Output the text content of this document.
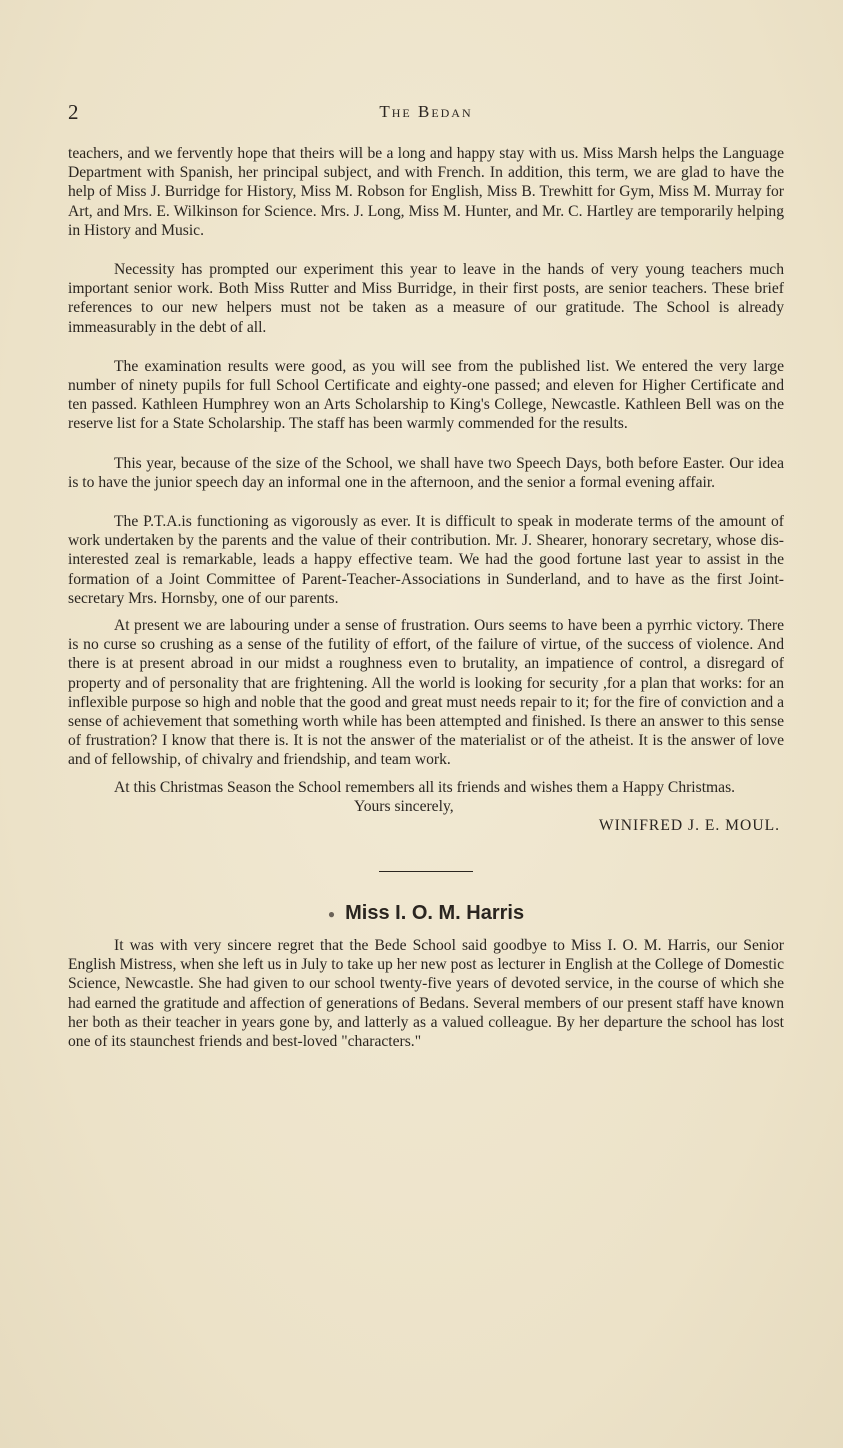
2	The Bedan

teachers, and we fervently hope that theirs will be a long and happy stay with us. Miss Marsh helps the Language Department with Spanish, her principal subject, and with French. In addition, this term, we are glad to have the help of Miss J. Burridge for History, Miss M. Robson for English, Miss B. Trewhitt for Gym, Miss M. Murray for Art, and Mrs. E. Wilkinson for Science. Mrs. J. Long, Miss M. Hunter, and Mr. C. Hartley are temporarily helping in History and Music.

Necessity has prompted our experiment this year to leave in the hands of very young teachers much important senior work. Both Miss Rutter and Miss Burridge, in their first posts, are senior teachers. These brief references to our new helpers must not be taken as a measure of our gratitude. The School is already immeasurably in the debt of all.

The examination results were good, as you will see from the published list. We entered the very large number of ninety pupils for full School Certificate and eighty-one passed; and eleven for Higher Certificate and ten passed. Kathleen Humphrey won an Arts Scholarship to King's College, Newcastle. Kathleen Bell was on the reserve list for a State Scholarship. The staff has been warmly commended for the results.

This year, because of the size of the School, we shall have two Speech Days, both before Easter. Our idea is to have the junior speech day an informal one in the afternoon, and the senior a formal evening affair.

The P.T.A.is functioning as vigorously as ever. It is difficult to speak in moderate terms of the amount of work undertaken by the parents and the value of their contribution. Mr. J. Shearer, honorary secretary, whose dis-interested zeal is remarkable, leads a happy effective team. We had the good fortune last year to assist in the formation of a Joint Committee of Parent-Teacher-Associations in Sunderland, and to have as the first Joint-secretary Mrs. Hornsby, one of our parents.

At present we are labouring under a sense of frustration. Ours seems to have been a pyrrhic victory. There is no curse so crushing as a sense of the futility of effort, of the failure of virtue, of the success of violence. And there is at present abroad in our midst a roughness even to brutality, an impatience of control, a disregard of property and of personality that are frightening. All the world is looking for security ,for a plan that works: for an inflexible purpose so high and noble that the good and great must needs repair to it; for the fire of conviction and a sense of achievement that something worth while has been attempted and finished. Is there an answer to this sense of frustration? I know that there is. It is not the answer of the materialist or of the atheist. It is the answer of love and of fellowship, of chivalry and friendship, and team work.

At this Christmas Season the School remembers all its friends and wishes them a Happy Christmas.

Yours sincerely,

WINIFRED J. E. MOUL.

● Miss I. O. M. Harris

It was with very sincere regret that the Bede School said goodbye to Miss I. O. M. Harris, our Senior English Mistress, when she left us in July to take up her new post as lecturer in English at the College of Domestic Science, Newcastle. She had given to our school twenty-five years of devoted service, in the course of which she had earned the gratitude and affection of generations of Bedans. Several members of our present staff have known her both as their teacher in years gone by, and latterly as a valued colleague. By her departure the school has lost one of its staunchest friends and best-loved "characters."
